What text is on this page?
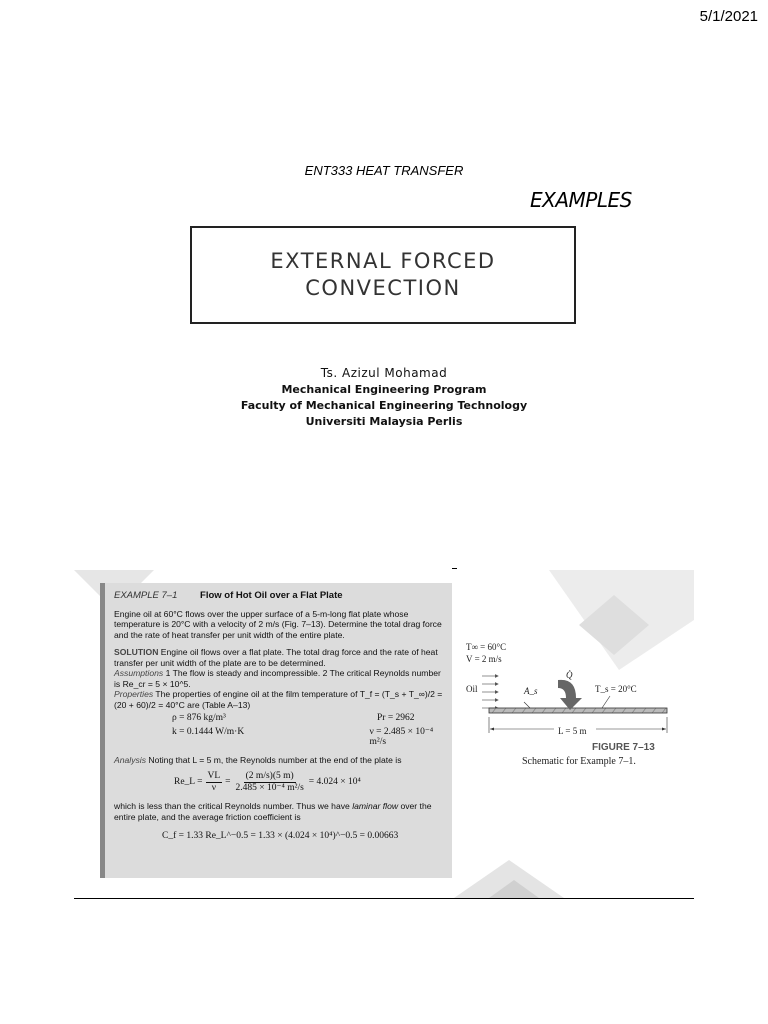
5/1/2021
ENT333 HEAT TRANSFER
EXAMPLES
EXTERNAL FORCED
CONVECTION
Ts. Azizul Mohamad
Mechanical Engineering Program
Faculty of Mechanical Engineering Technology
Universiti Malaysia Perlis
EXAMPLE 7–1 Flow of Hot Oil over a Flat Plate
Engine oil at 60°C flows over the upper surface of a 5-m-long flat plate whose temperature is 20°C with a velocity of 2 m/s (Fig. 7–13). Determine the total drag force and the rate of heat transfer per unit width of the entire plate.
SOLUTION Engine oil flows over a flat plate. The total drag force and the rate of heat transfer per unit width of the plate are to be determined.
Assumptions 1 The flow is steady and incompressible. 2 The critical Reynolds number is Re_cr = 5 × 10^5.
Properties The properties of engine oil at the film temperature of T_f = (T_s + T_∞)/2 = (20 + 60)/2 = 40°C are (Table A–13)
ρ = 876 kg/m³	Pr = 2962
k = 0.1444 W/m·K	ν = 2.485 × 10⁻⁴ m²/s
Analysis Noting that L = 5 m, the Reynolds number at the end of the plate is
Re_L = $\frac{VL}{\nu} = \frac{(2 m/s)(5 m)}{\text{2.485 × 10⁻⁴ m²/s}} = 4.024 \times 10^4$
which is less than the critical Reynolds number. Thus we have laminar flow over the entire plate, and the average friction coefficient is
C_f = 1.33 Re_L^−0.5 = 1.33 × (4.024 × 10⁴)^−0.5 = 0.00663
T∞ = 60°C
V = 2 m/s
Oil
Q̇
A_s	T_s = 20°C
L = 5 m
FIGURE 7–13
Schematic for Example 7–1.
